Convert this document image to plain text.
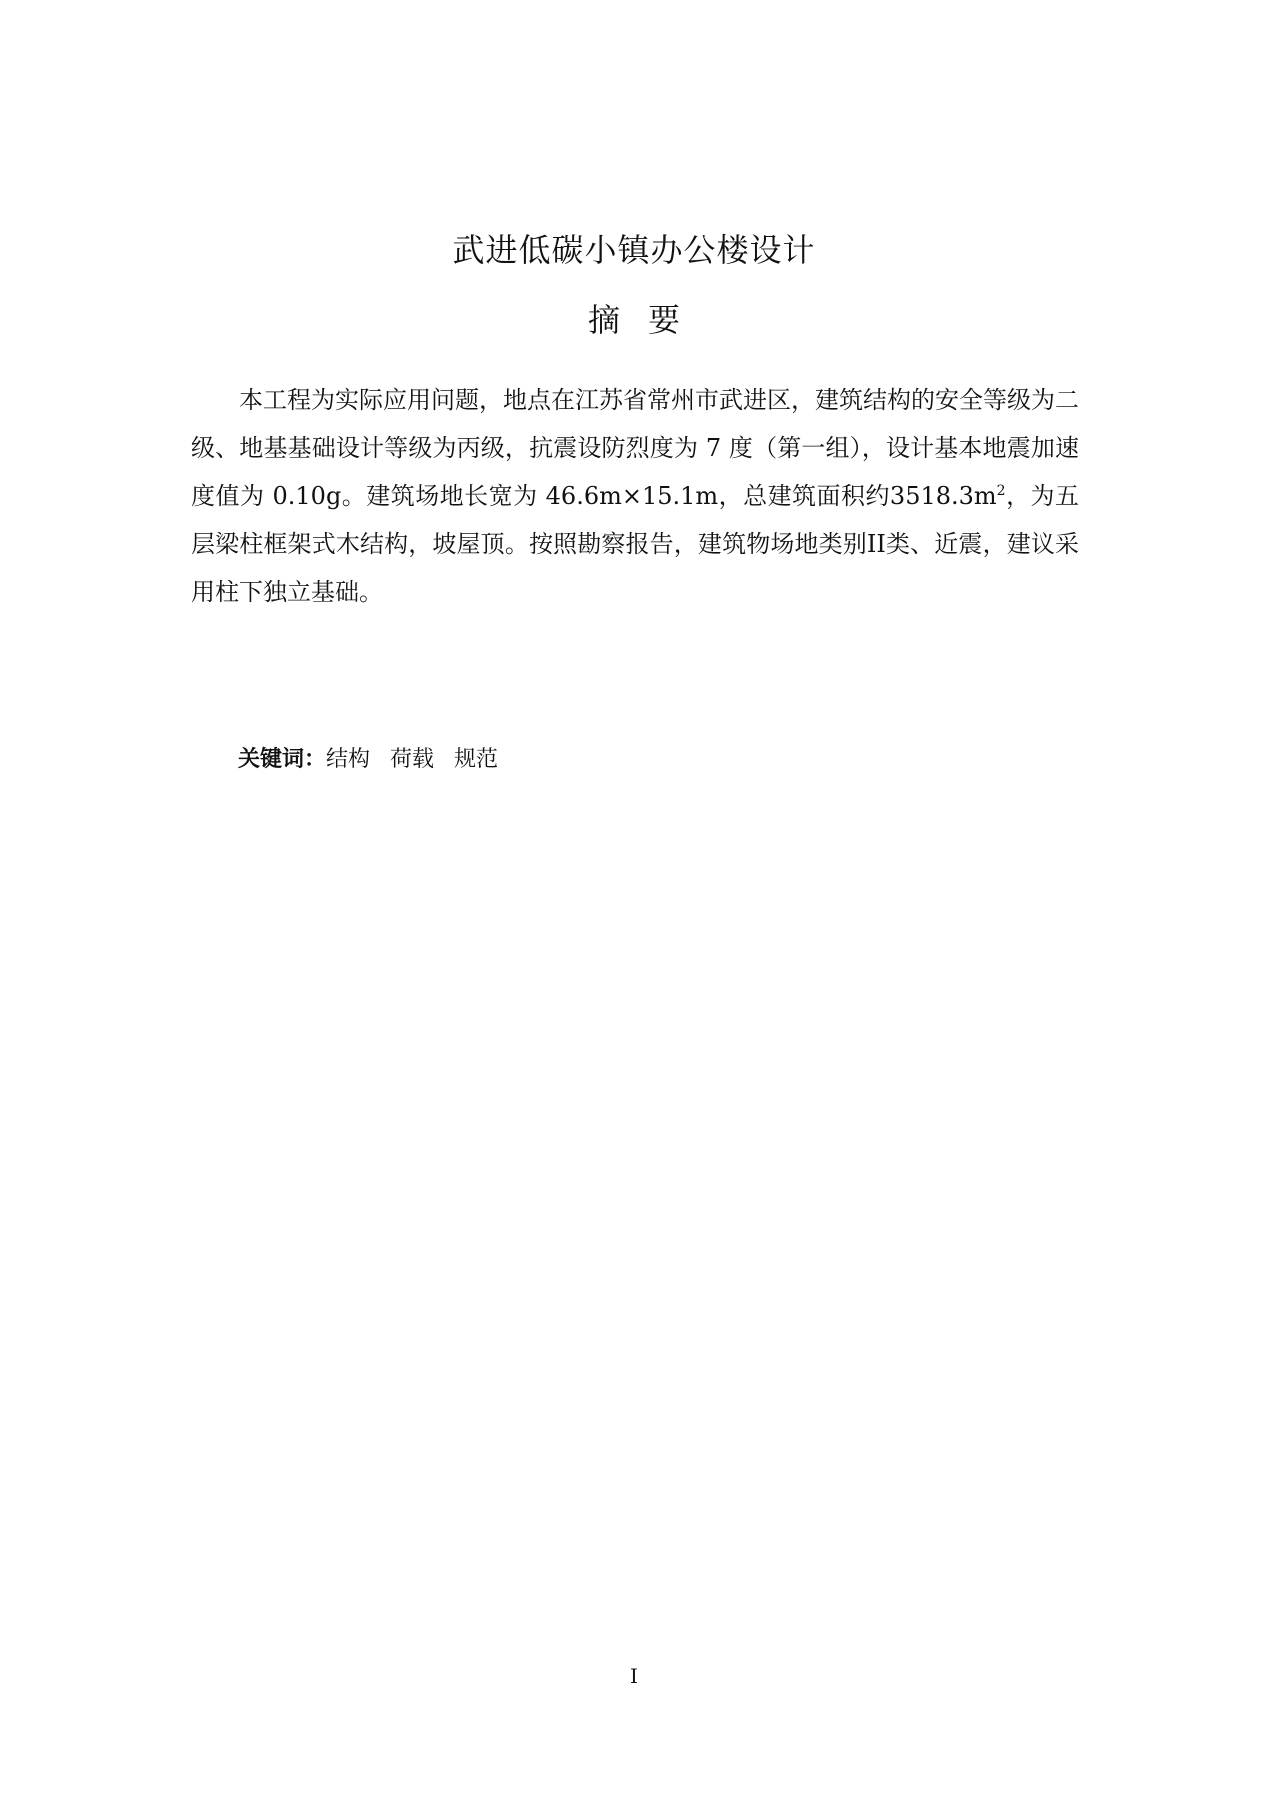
武进低碳小镇办公楼设计
摘要

本工程为实际应用问题，地点在江苏省常州市武进区，建筑结构的安全等级为二级、地基基础设计等级为丙级，抗震设防烈度为 7 度（第一组），设计基本地震加速度值为 0.10g。建筑场地长宽为 46.6m×15.1m，总建筑面积约$3518.3m^2$，为五层梁柱框架式木结构，坡屋顶。按照勘察报告，建筑物场地类别II类、近震，建议采用柱下独立基础。

关键词：结构 荷载 规范
I
